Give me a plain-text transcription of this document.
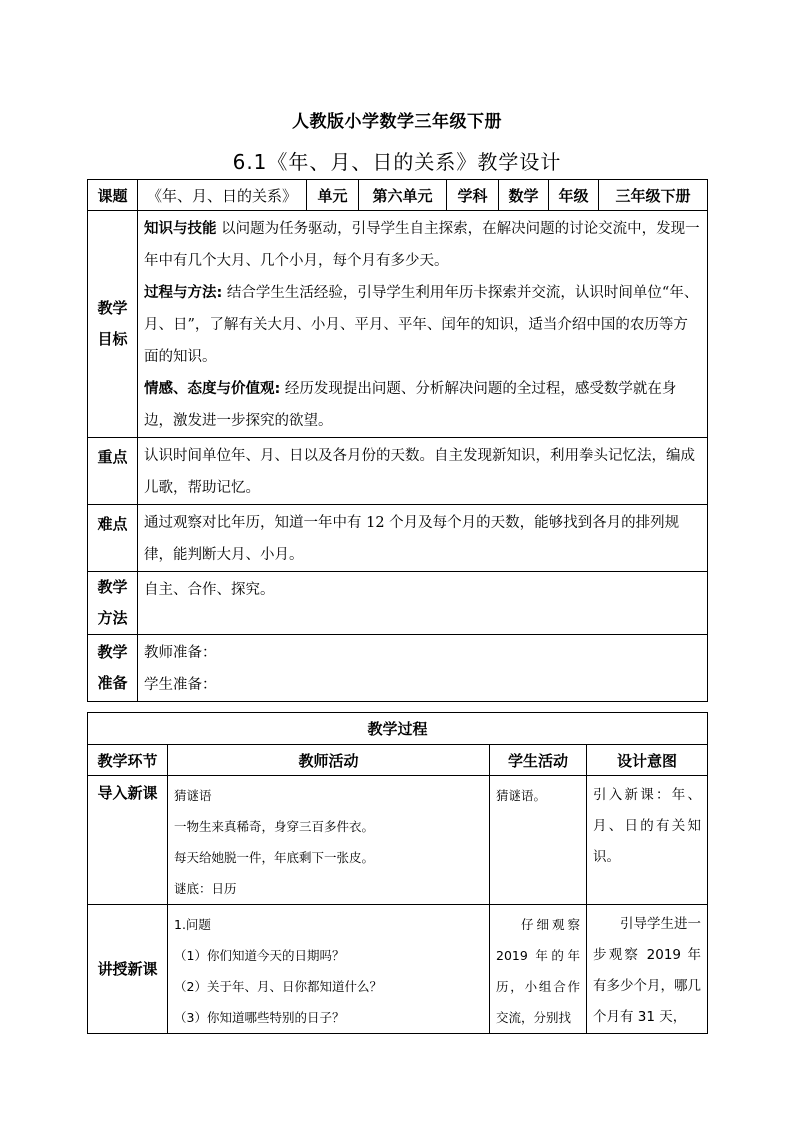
人教版小学数学三年级下册
6.1《年、月、日的关系》教学设计
课题	《年、月、日的关系》	单元	第六单元	学科	数学	年级	三年级下册
教学目标	知识与技能 以问题为任务驱动，引导学生自主探索，在解决问题的讨论交流中，发现一年中有几个大月、几个小月，每个月有多少天。

过程与方法: 结合学生生活经验，引导学生利用年历卡探索并交流，认识时间单位“年、月、日”，了解有关大月、小月、平月、平年、闰年的知识，适当介绍中国的农历等方面的知识。

情感、态度与价值观: 经历发现提出问题、分析解决问题的全过程，感受数学就在身边，激发进一步探究的欲望。						

重点	认识时间单位年、月、日以及各月份的天数。自主发现新知识，利用拳头记忆法，编成儿歌，帮助记忆。						
难点	通过观察对比年历，知道一年中有 12 个月及每个月的天数，能够找到各月的排列规律，能判断大月、小月。						
教学方法	自主、合作、探究。						
教学准备	教师准备：

学生准备：						

教学过程			
教学环节	教师活动	学生活动	设计意图
导入新课	猜谜语

一物生来真稀奇，身穿三百多件衣。

每天给她脱一件，年底剩下一张皮。

谜底：日历	猜谜语。	引入新课：年、月、日的有关知识。
讲授新课	1.问题

（1）你们知道今天的日期吗？

（2）关于年、月、日你都知道什么？

（3）你知道哪些特别的日子？	仔细观察 2019 年的年历，小组合作交流，分别找	引导学生进一步观察 2019 年有多少个月，哪几个月有 31 天，
